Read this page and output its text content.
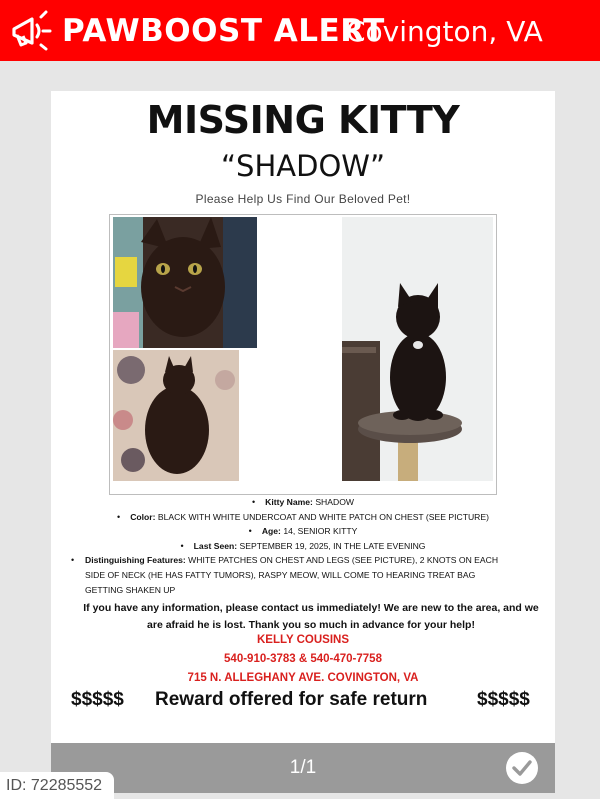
PAWBOOST ALERT
Covington, VA
MISSING KITTY
“SHADOW”
Please Help Us Find Our Beloved Pet!
• Kitty Name: SHADOW
• Color: BLACK WITH WHITE UNDERCOAT AND WHITE PATCH ON CHEST (SEE PICTURE)
• Age: 14, SENIOR KITTY
• Last Seen: SEPTEMBER 19, 2025, IN THE LATE EVENING
• Distinguishing Features: WHITE PATCHES ON CHEST AND LEGS (SEE PICTURE), 2 KNOTS ON EACH SIDE OF NECK (HE HAS FATTY TUMORS), RASPY MEOW, WILL COME TO HEARING TREAT BAG GETTING SHAKEN UP
If you have any information, please contact us immediately! We are new to the area, and we are afraid he is lost. Thank you so much in advance for your help!
KELLY COUSINS
540-910-3783 & 540-470-7758
715 N. ALLEGHANY AVE. COVINGTON, VA
$$$$$ Reward offered for safe return	$$$$$
1/1
ID: 72285552
